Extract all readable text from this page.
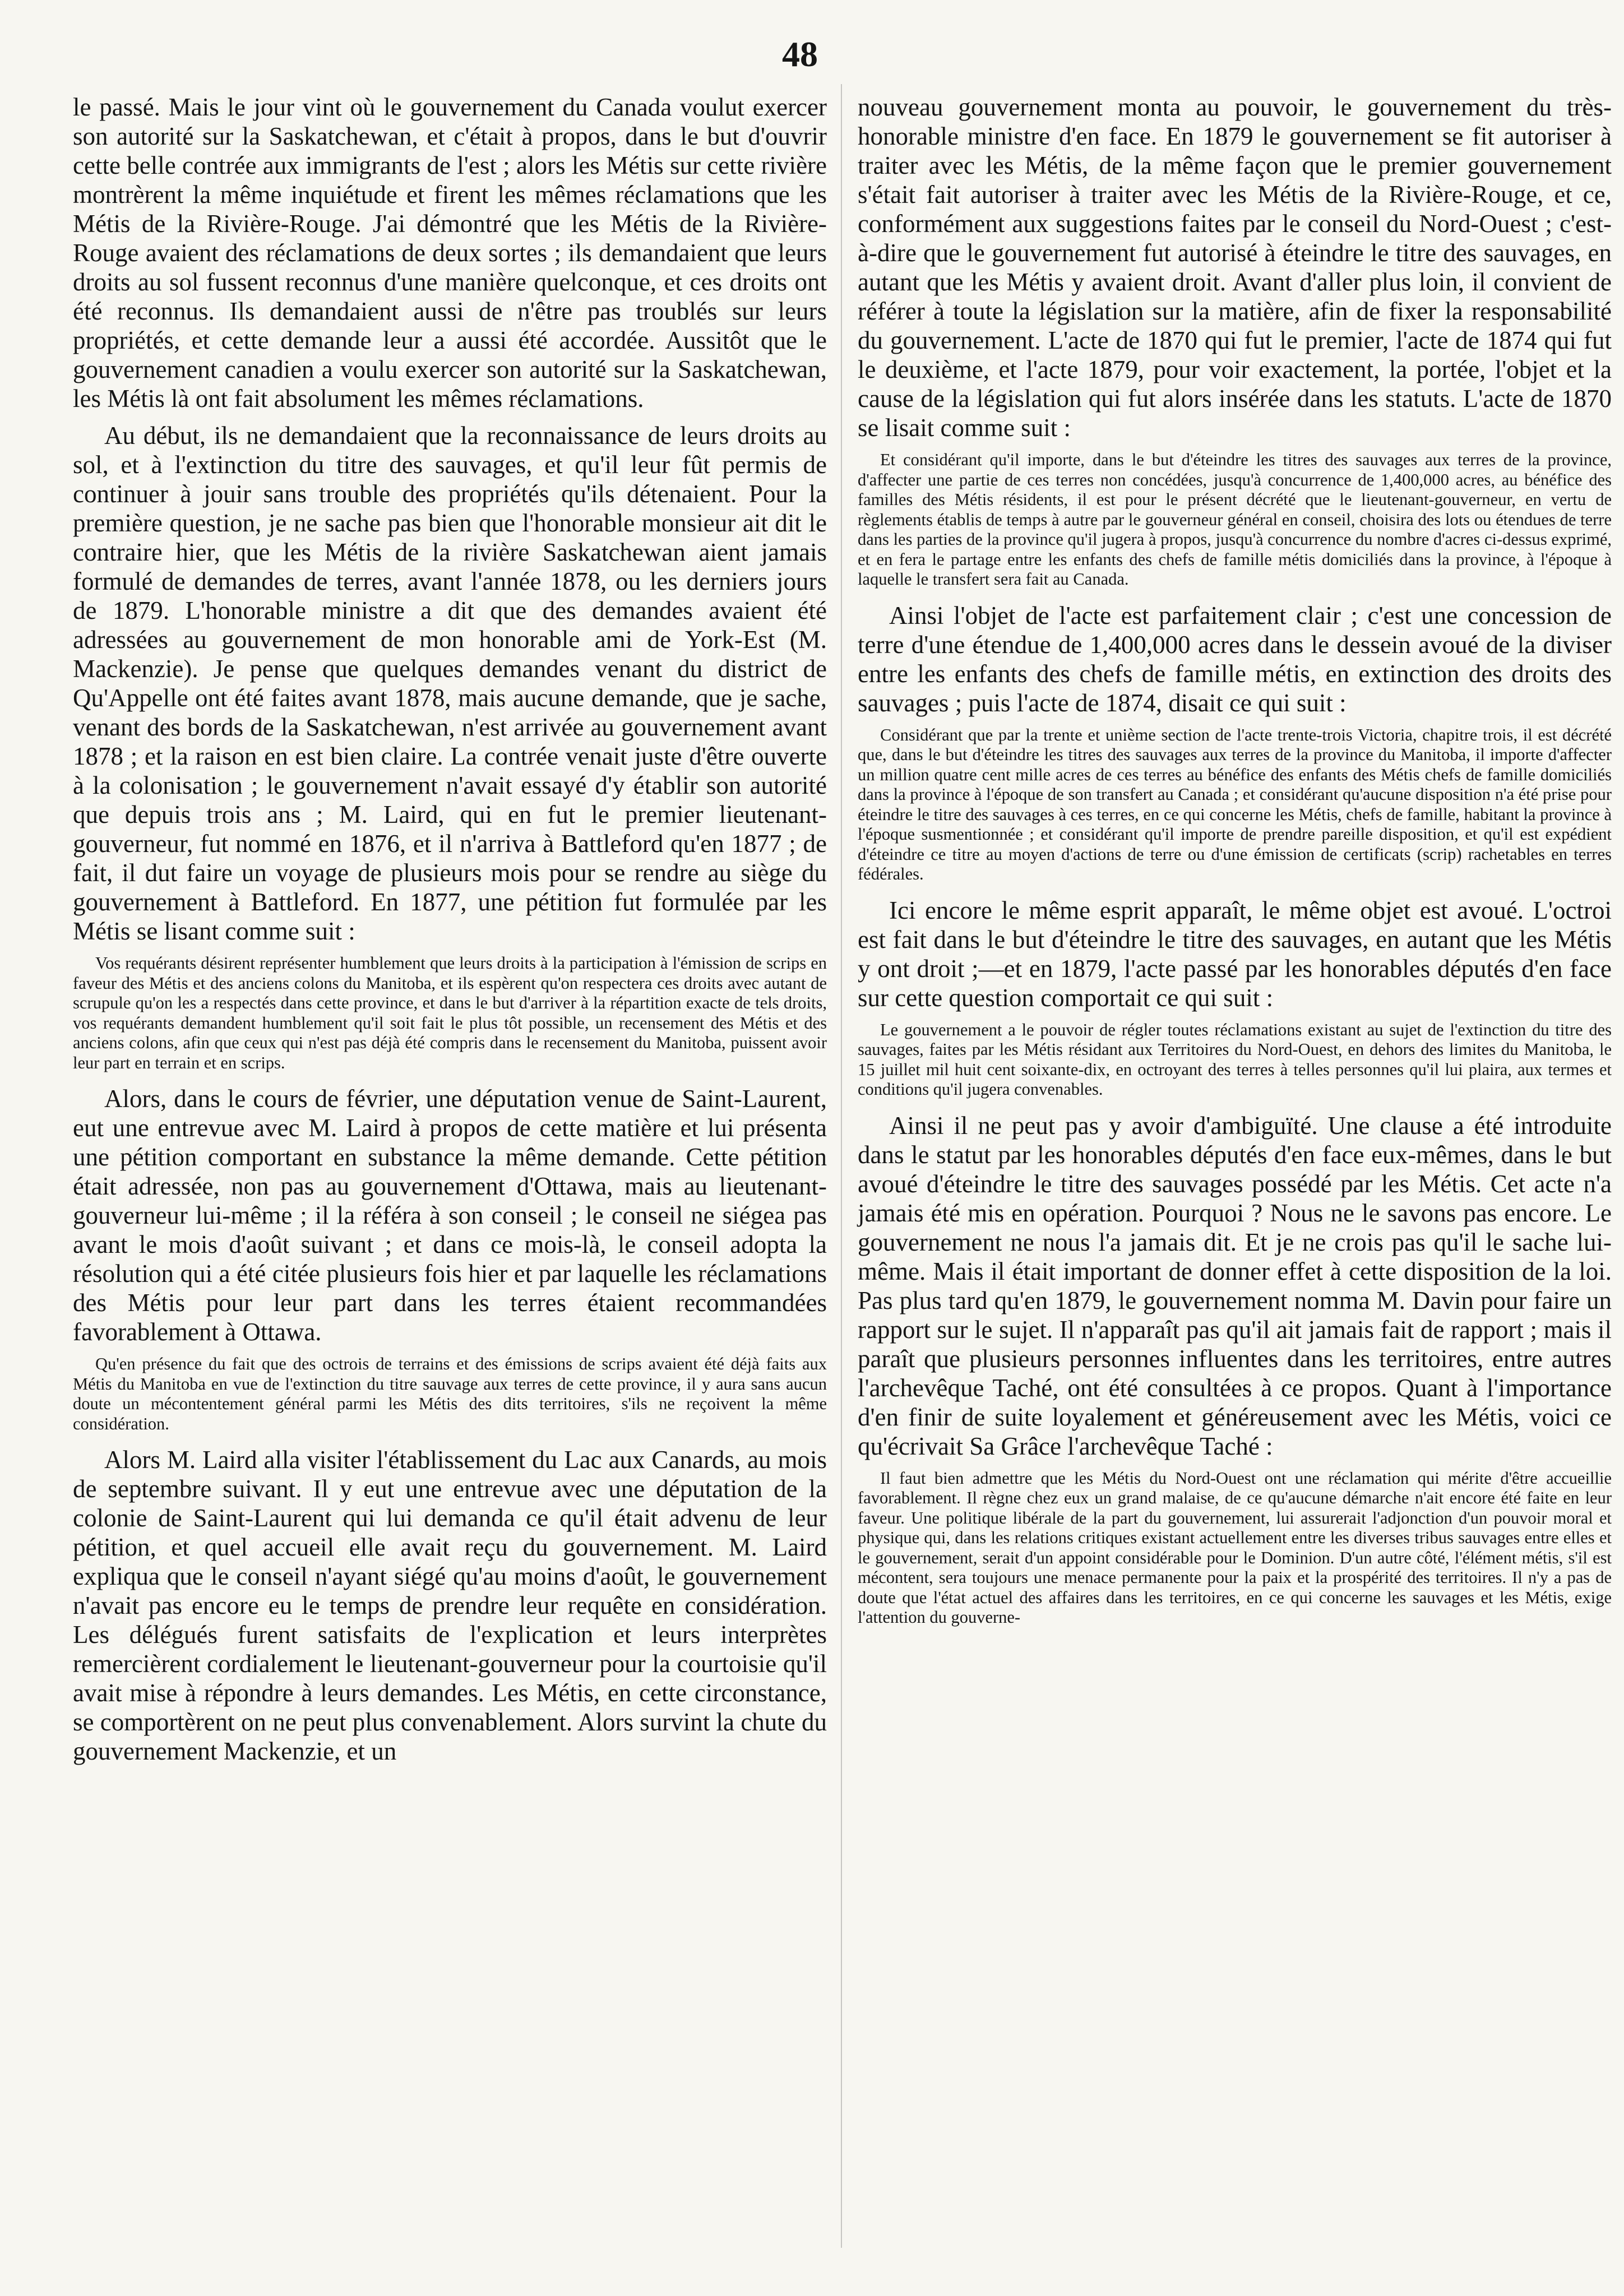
48

le passé. Mais le jour vint où le gouvernement du Canada voulut exercer son autorité sur la Saskatchewan, et c'était à propos, dans le but d'ouvrir cette belle contrée aux immigrants de l'est ; alors les Métis sur cette rivière montrèrent la même inquiétude et firent les mêmes réclamations que les Métis de la Rivière-Rouge. J'ai démontré que les Métis de la Rivière-Rouge avaient des réclamations de deux sortes ; ils demandaient que leurs droits au sol fussent reconnus d'une manière quelconque, et ces droits ont été reconnus. Ils demandaient aussi de n'être pas troublés sur leurs propriétés, et cette demande leur a aussi été accordée. Aussitôt que le gouvernement canadien a voulu exercer son autorité sur la Saskatchewan, les Métis là ont fait absolument les mêmes réclamations.

Au début, ils ne demandaient que la reconnaissance de leurs droits au sol, et à l'extinction du titre des sauvages, et qu'il leur fût permis de continuer à jouir sans trouble des propriétés qu'ils détenaient. Pour la première question, je ne sache pas bien que l'honorable monsieur ait dit le contraire hier, que les Métis de la rivière Saskatchewan aient jamais formulé de demandes de terres, avant l'année 1878, ou les derniers jours de 1879. L'honorable ministre a dit que des demandes avaient été adressées au gouvernement de mon honorable ami de York-Est (M. Mackenzie). Je pense que quelques demandes venant du district de Qu'Appelle ont été faites avant 1878, mais aucune demande, que je sache, venant des bords de la Saskatchewan, n'est arrivée au gouvernement avant 1878 ; et la raison en est bien claire. La contrée venait juste d'être ouverte à la colonisation ; le gouvernement n'avait essayé d'y établir son autorité que depuis trois ans ; M. Laird, qui en fut le premier lieutenant-gouverneur, fut nommé en 1876, et il n'arriva à Battleford qu'en 1877 ; de fait, il dut faire un voyage de plusieurs mois pour se rendre au siège du gouvernement à Battleford. En 1877, une pétition fut formulée par les Métis se lisant comme suit :

Vos requérants désirent représenter humblement que leurs droits à la participation à l'émission de scrips en faveur des Métis et des anciens colons du Manitoba, et ils espèrent qu'on respectera ces droits avec autant de scrupule qu'on les a respectés dans cette province, et dans le but d'arriver à la répartition exacte de tels droits, vos requérants demandent humblement qu'il soit fait le plus tôt possible, un recensement des Métis et des anciens colons, afin que ceux qui n'est pas déjà été compris dans le recensement du Manitoba, puissent avoir leur part en terrain et en scrips.

Alors, dans le cours de février, une députation venue de Saint-Laurent, eut une entrevue avec M. Laird à propos de cette matière et lui présenta une pétition comportant en substance la même demande. Cette pétition était adressée, non pas au gouvernement d'Ottawa, mais au lieutenant-gouverneur lui-même ; il la référa à son conseil ; le conseil ne siégea pas avant le mois d'août suivant ; et dans ce mois-là, le conseil adopta la résolution qui a été citée plusieurs fois hier et par laquelle les réclamations des Métis pour leur part dans les terres étaient recommandées favorablement à Ottawa.

Qu'en présence du fait que des octrois de terrains et des émissions de scrips avaient été déjà faits aux Métis du Manitoba en vue de l'extinction du titre sauvage aux terres de cette province, il y aura sans aucun doute un mécontentement général parmi les Métis des dits territoires, s'ils ne reçoivent la même considération.

Alors M. Laird alla visiter l'établissement du Lac aux Canards, au mois de septembre suivant. Il y eut une entrevue avec une députation de la colonie de Saint-Laurent qui lui demanda ce qu'il était advenu de leur pétition, et quel accueil elle avait reçu du gouvernement. M. Laird expliqua que le conseil n'ayant siégé qu'au moins d'août, le gouvernement n'avait pas encore eu le temps de prendre leur requête en considération. Les délégués furent satisfaits de l'explication et leurs interprètes remercièrent cordialement le lieutenant-gouverneur pour la courtoisie qu'il avait mise à répondre à leurs demandes. Les Métis, en cette circonstance, se comportèrent on ne peut plus convenablement. Alors survint la chute du gouvernement Mackenzie, et un

nouveau gouvernement monta au pouvoir, le gouvernement du très-honorable ministre d'en face. En 1879 le gouvernement se fit autoriser à traiter avec les Métis, de la même façon que le premier gouvernement s'était fait autoriser à traiter avec les Métis de la Rivière-Rouge, et ce, conformément aux suggestions faites par le conseil du Nord-Ouest ; c'est-à-dire que le gouvernement fut autorisé à éteindre le titre des sauvages, en autant que les Métis y avaient droit. Avant d'aller plus loin, il convient de référer à toute la législation sur la matière, afin de fixer la responsabilité du gouvernement. L'acte de 1870 qui fut le premier, l'acte de 1874 qui fut le deuxième, et l'acte 1879, pour voir exactement, la portée, l'objet et la cause de la législation qui fut alors insérée dans les statuts. L'acte de 1870 se lisait comme suit :

Et considérant qu'il importe, dans le but d'éteindre les titres des sauvages aux terres de la province, d'affecter une partie de ces terres non concédées, jusqu'à concurrence de 1,400,000 acres, au bénéfice des familles des Métis résidents, il est pour le présent décrété que le lieutenant-gouverneur, en vertu de règlements établis de temps à autre par le gouverneur général en conseil, choisira des lots ou étendues de terre dans les parties de la province qu'il jugera à propos, jusqu'à concurrence du nombre d'acres ci-dessus exprimé, et en fera le partage entre les enfants des chefs de famille métis domiciliés dans la province, à l'époque à laquelle le transfert sera fait au Canada.

Ainsi l'objet de l'acte est parfaitement clair ; c'est une concession de terre d'une étendue de 1,400,000 acres dans le dessein avoué de la diviser entre les enfants des chefs de famille métis, en extinction des droits des sauvages ; puis l'acte de 1874, disait ce qui suit :

Considérant que par la trente et unième section de l'acte trente-trois Victoria, chapitre trois, il est décrété que, dans le but d'éteindre les titres des sauvages aux terres de la province du Manitoba, il importe d'affecter un million quatre cent mille acres de ces terres au bénéfice des enfants des Métis chefs de famille domiciliés dans la province à l'époque de son transfert au Canada ; et considérant qu'aucune disposition n'a été prise pour éteindre le titre des sauvages à ces terres, en ce qui concerne les Métis, chefs de famille, habitant la province à l'époque susmentionnée ; et considérant qu'il importe de prendre pareille disposition, et qu'il est expédient d'éteindre ce titre au moyen d'actions de terre ou d'une émission de certificats (scrip) rachetables en terres fédérales.

Ici encore le même esprit apparaît, le même objet est avoué. L'octroi est fait dans le but d'éteindre le titre des sauvages, en autant que les Métis y ont droit ;—et en 1879, l'acte passé par les honorables députés d'en face sur cette question comportait ce qui suit :

Le gouvernement a le pouvoir de régler toutes réclamations existant au sujet de l'extinction du titre des sauvages, faites par les Métis résidant aux Territoires du Nord-Ouest, en dehors des limites du Manitoba, le 15 juillet mil huit cent soixante-dix, en octroyant des terres à telles personnes qu'il lui plaira, aux termes et conditions qu'il jugera convenables.

Ainsi il ne peut pas y avoir d'ambiguïté. Une clause a été introduite dans le statut par les honorables députés d'en face eux-mêmes, dans le but avoué d'éteindre le titre des sauvages possédé par les Métis. Cet acte n'a jamais été mis en opération. Pourquoi ? Nous ne le savons pas encore. Le gouvernement ne nous l'a jamais dit. Et je ne crois pas qu'il le sache lui-même. Mais il était important de donner effet à cette disposition de la loi. Pas plus tard qu'en 1879, le gouvernement nomma M. Davin pour faire un rapport sur le sujet. Il n'apparaît pas qu'il ait jamais fait de rapport ; mais il paraît que plusieurs personnes influentes dans les territoires, entre autres l'archevêque Taché, ont été consultées à ce propos. Quant à l'importance d'en finir de suite loyalement et généreusement avec les Métis, voici ce qu'écrivait Sa Grâce l'archevêque Taché :

Il faut bien admettre que les Métis du Nord-Ouest ont une réclamation qui mérite d'être accueillie favorablement. Il règne chez eux un grand malaise, de ce qu'aucune démarche n'ait encore été faite en leur faveur. Une politique libérale de la part du gouvernement, lui assurerait l'adjonction d'un pouvoir moral et physique qui, dans les relations critiques existant actuellement entre les diverses tribus sauvages entre elles et le gouvernement, serait d'un appoint considérable pour le Dominion. D'un autre côté, l'élément métis, s'il est mécontent, sera toujours une menace permanente pour la paix et la prospérité des territoires. Il n'y a pas de doute que l'état actuel des affaires dans les territoires, en ce qui concerne les sauvages et les Métis, exige l'attention du gouverne-
